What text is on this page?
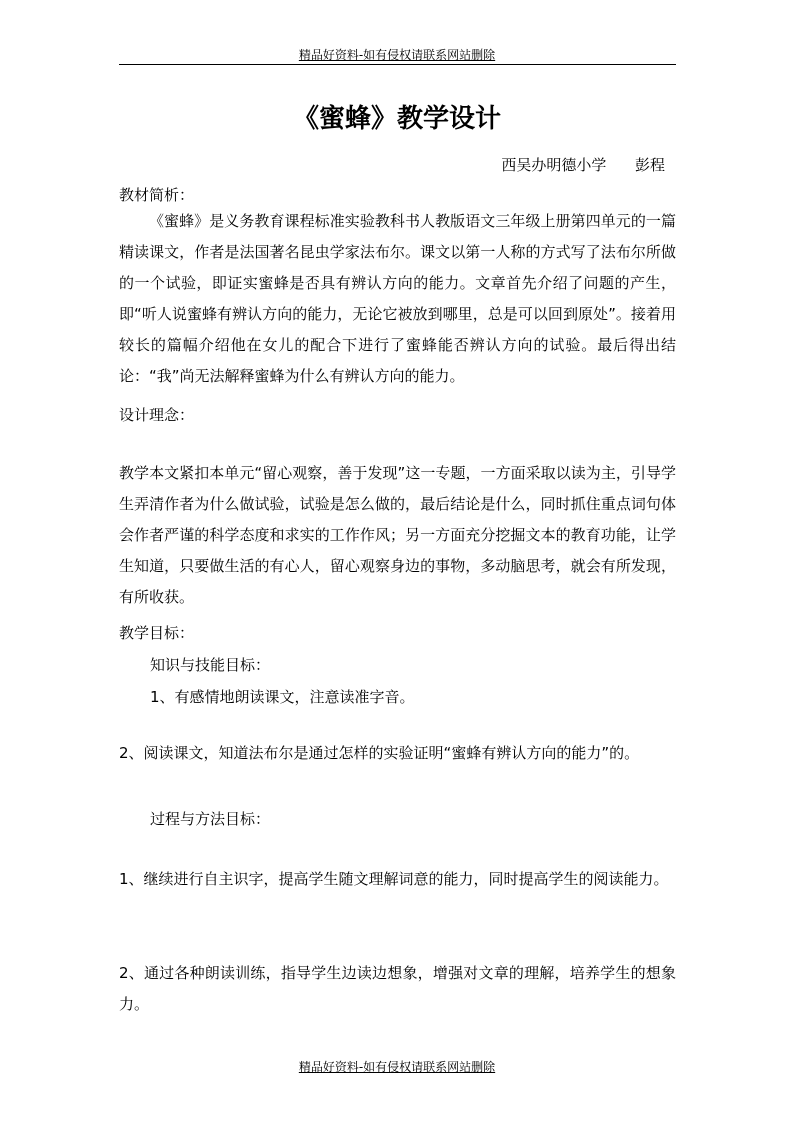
精品好资料-如有侵权请联系网站删除
《蜜蜂》教学设计
西吴办明德小学      彭程
教材简析：
《蜜蜂》是义务教育课程标准实验教科书人教版语文三年级上册第四单元的一篇精读课文，作者是法国著名昆虫学家法布尔。课文以第一人称的方式写了法布尔所做的一个试验，即证实蜜蜂是否具有辨认方向的能力。文章首先介绍了问题的产生，即“听人说蜜蜂有辨认方向的能力，无论它被放到哪里，总是可以回到原处”。接着用较长的篇幅介绍他在女儿的配合下进行了蜜蜂能否辨认方向的试验。最后得出结论：“我”尚无法解释蜜蜂为什么有辨认方向的能力。
设计理念：
教学本文紧扣本单元“留心观察，善于发现”这一专题，一方面采取以读为主，引导学生弄清作者为什么做试验，试验是怎么做的，最后结论是什么，同时抓住重点词句体会作者严谨的科学态度和求实的工作作风；另一方面充分挖掘文本的教育功能，让学生知道，只要做生活的有心人，留心观察身边的事物，多动脑思考，就会有所发现，有所收获。
教学目标：
知识与技能目标：
1、有感情地朗读课文，注意读准字音。
2、阅读课文，知道法布尔是通过怎样的实验证明“蜜蜂有辨认方向的能力”的。
过程与方法目标：
1、继续进行自主识字，提高学生随文理解词意的能力，同时提高学生的阅读能力。
2、通过各种朗读训练，指导学生边读边想象，增强对文章的理解，培养学生的想象力。
精品好资料-如有侵权请联系网站删除
